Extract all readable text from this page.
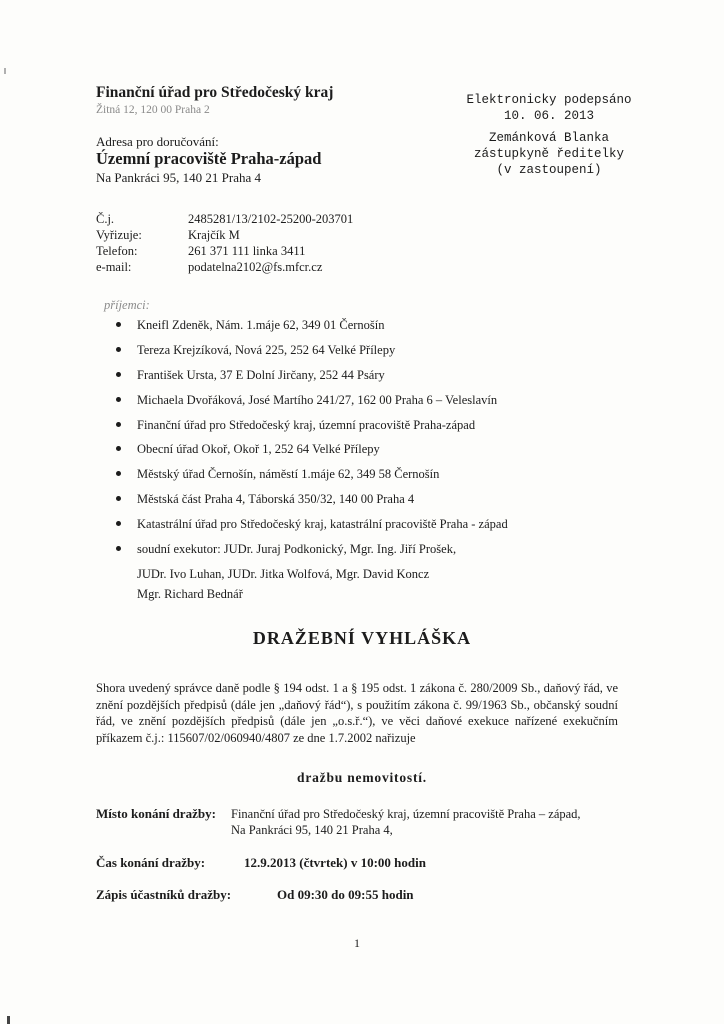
Finanční úřad pro Středočeský kraj
Žitná 12, 120 00 Praha 2
Adresa pro doručování:
Územní pracoviště Praha-západ
Na Pankráci 95, 140 21 Praha 4
Elektronicky podepsáno
10. 06. 2013
Zemánková Blanka
zástupkyně ředitelky
(v zastoupení)
Č.j.	2485281/13/2102-25200-203701
Vyřizuje:	Krajčík M
Telefon:	261 371 111 linka 3411
e-mail:	podatelna2102@fs.mfcr.cz
příjemci:
Kneifl Zdeněk, Nám. 1.máje 62, 349 01 Černošín
Tereza Krejzíková, Nová 225, 252 64 Velké Přílepy
František Ursta, 37 E Dolní Jirčany, 252 44 Psáry
Michaela Dvořáková, José Martího 241/27, 162 00 Praha 6 – Veleslavín
Finanční úřad pro Středočeský kraj, územní pracoviště Praha-západ
Obecní úřad Okoř, Okoř 1, 252 64 Velké Přílepy
Městský úřad Černošín, náměstí 1.máje 62, 349 58 Černošín
Městská část Praha 4, Táborská 350/32, 140 00 Praha 4
Katastrální úřad pro Středočeský kraj, katastrální pracoviště Praha - západ
soudní exekutor: JUDr. Juraj Podkonický, Mgr. Ing. Jiří Prošek,
JUDr. Ivo Luhan, JUDr. Jitka Wolfová, Mgr. David Koncz
Mgr. Richard Bednář
DRAŽEBNÍ VYHLÁŠKA
Shora uvedený správce daně podle § 194 odst. 1 a § 195 odst. 1 zákona č. 280/2009 Sb., daňový řád, ve znění pozdějších předpisů (dále jen „daňový řád“), s použitím zákona č. 99/1963 Sb., občanský soudní řád, ve znění pozdějších předpisů (dále jen „o.s.ř.“), ve věci daňové exekuce nařízené exekučním příkazem č.j.: 115607/02/060940/4807 ze dne 1.7.2002 nařizuje
dražbu nemovitostí.
Místo konání dražby: Finanční úřad pro Středočeský kraj, územní pracoviště Praha – západ,
Na Pankráci 95, 140 21 Praha 4,
Čas konání dražby:	12.9.2013 (čtvrtek) v 10:00 hodin
Zápis účastníků dražby:	Od 09:30 do 09:55 hodin
1
